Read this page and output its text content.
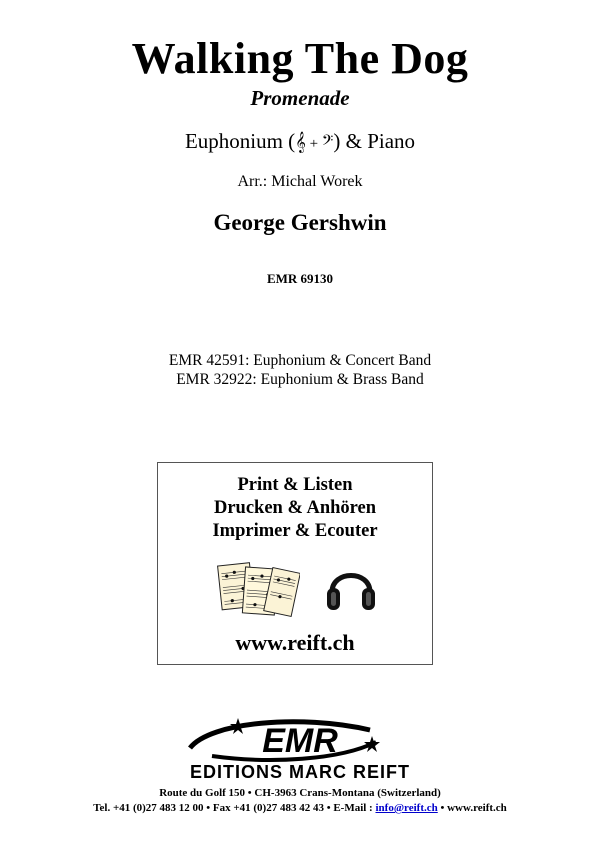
Walking The Dog
Promenade
Euphonium (𝄞 + 𝄢) & Piano
Arr.: Michal Worek
George Gershwin
EMR 69130
EMR 42591: Euphonium & Concert Band
EMR 32922: Euphonium & Brass Band
Print & Listen
Drucken & Anhören
Imprimer & Ecouter
www.reift.ch
EMR
EDITIONS MARC REIFT
Route du Golf 150 • CH-3963 Crans-Montana (Switzerland)
Tel. +41 (0)27 483 12 00 • Fax +41 (0)27 483 42 43 • E-Mail : info@reift.ch • www.reift.ch
